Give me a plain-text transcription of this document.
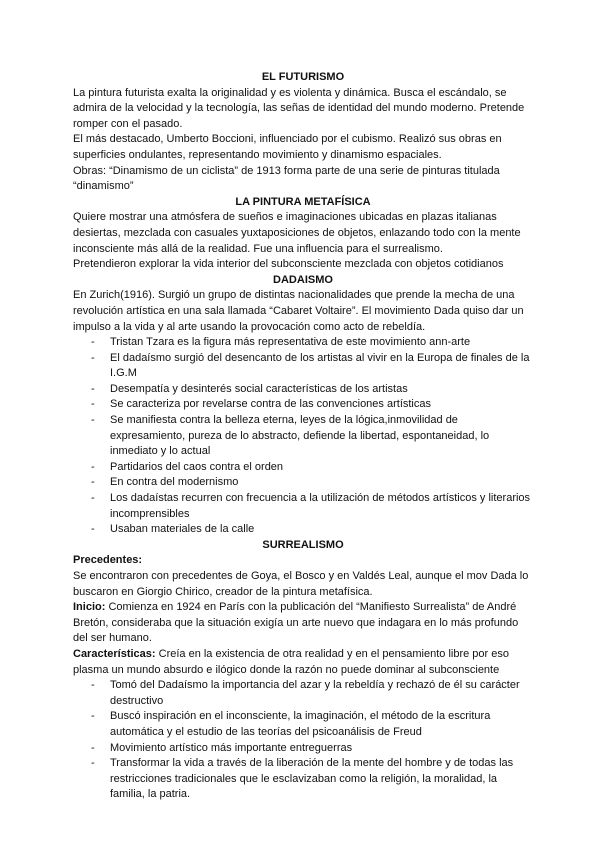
EL FUTURISMO

La pintura futurista exalta la originalidad y es violenta y dinámica. Busca el escándalo, se admira de la velocidad y la tecnología, las señas de identidad del mundo moderno. Pretende romper con el pasado.

El más destacado, Umberto Boccioni, influenciado por el cubismo. Realizó sus obras en superficies ondulantes, representando movimiento y dinamismo espaciales.

Obras: “Dinamismo de un ciclista” de 1913 forma parte de una serie de pinturas titulada “dinamismo”

LA PINTURA METAFÍSICA

Quiere mostrar una atmósfera de sueños e imaginaciones ubicadas en plazas italianas desiertas, mezclada con casuales yuxtaposiciones de objetos, enlazando todo con la mente inconsciente más allá de la realidad. Fue una influencia para el surrealismo.

Pretendieron explorar la vida interior del subconsciente mezclada con objetos cotidianos

DADAISMO

En Zurich(1916). Surgió un grupo de distintas nacionalidades que prende la mecha de una revolución artística en una sala llamada “Cabaret Voltaire”. El movimiento Dada quiso dar un impulso a la vida y al arte usando la provocación como acto de rebeldía.

- Tristan Tzara es la figura más representativa de este movimiento ann-arte
- El dadaísmo surgió del desencanto de los artistas al vivir en la Europa de finales de la I.G.M
- Desempatía y desinterés social características de los artistas
- Se caracteriza por revelarse contra de las convenciones artísticas
- Se manifiesta contra la belleza eterna, leyes de la lógica,inmovilidad de expresamiento, pureza de lo abstracto, defiende la libertad, espontaneidad, lo inmediato y lo actual
- Partidarios del caos contra el orden
- En contra del modernismo
- Los dadaístas recurren con frecuencia a la utilización de métodos artísticos y literarios incomprensibles
- Usaban materiales de la calle
SURREALISMO

Precedentes:

Se encontraron con precedentes de Goya, el Bosco y en Valdés Leal, aunque el mov Dada lo buscaron en Giorgio Chirico, creador de la pintura metafísica.

Inicio: Comienza en 1924 en París con la publicación del “Manifiesto Surrealista” de André Bretón, consideraba que la situación exigía un arte nuevo que indagara en lo más profundo del ser humano.

Características: Creía en la existencia de otra realidad y en el pensamiento libre por eso plasma un mundo absurdo e ilógico donde la razón no puede dominar al subconsciente

- Tomó del Dadaísmo la importancia del azar y la rebeldía y rechazó de él su carácter destructivo
- Buscó inspiración en el inconsciente, la imaginación, el método de la escritura automática y el estudio de las teorías del psicoanálisis de Freud
- Movimiento artístico más importante entreguerras
- Transformar la vida a través de la liberación de la mente del hombre y de todas las restricciones tradicionales que le esclavizaban como la religión, la moralidad, la familia, la patria.
